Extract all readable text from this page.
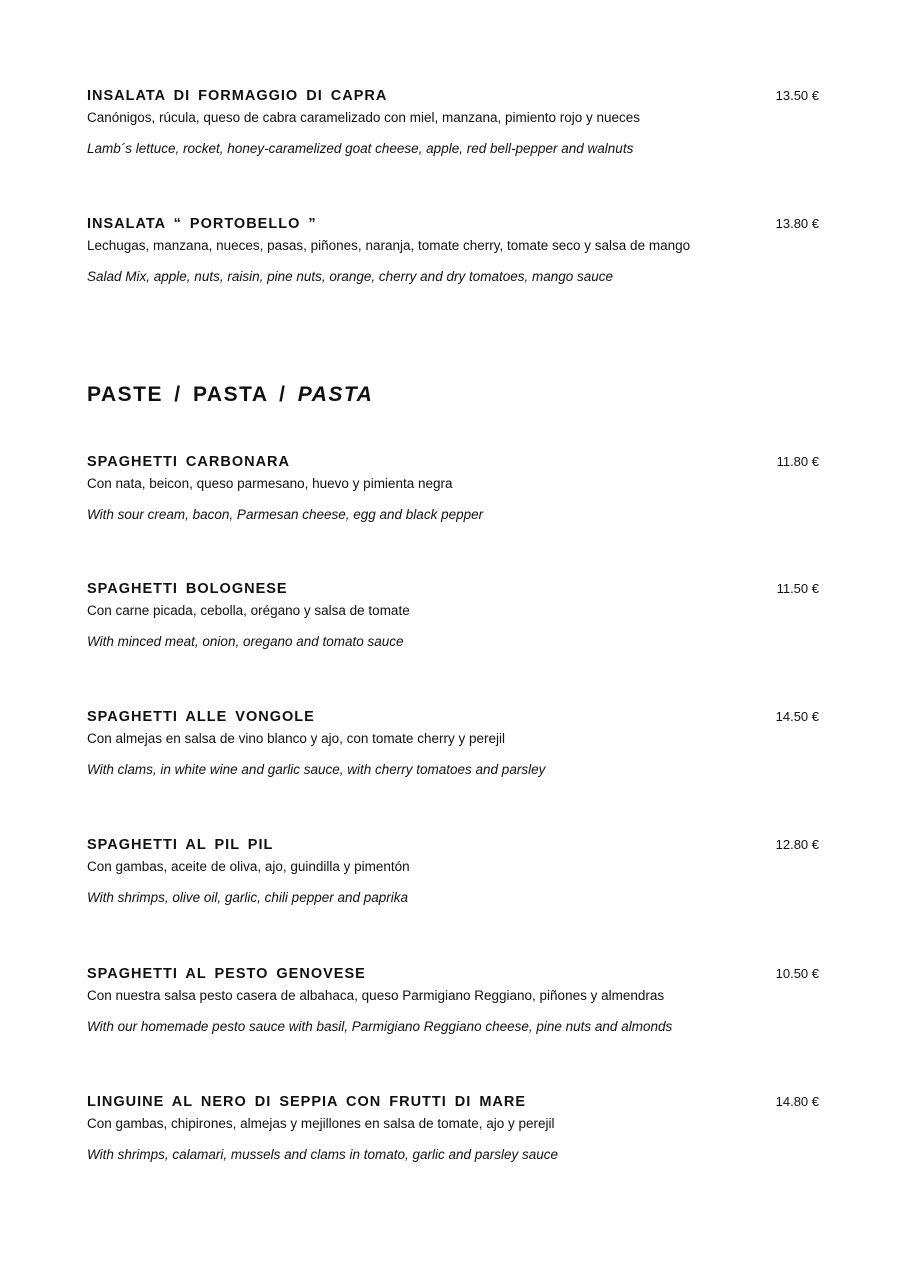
INSALATA DI FORMAGGIO DI CAPRA	13.50 €
Canónigos, rúcula, queso de cabra caramelizado con miel, manzana, pimiento rojo y nueces
Lamb´s lettuce, rocket, honey-caramelized goat cheese, apple, red bell-pepper and walnuts
INSALATA “ PORTOBELLO ”	13.80 €
Lechugas, manzana, nueces, pasas, piñones, naranja, tomate cherry, tomate seco y salsa de mango
Salad Mix, apple, nuts, raisin, pine nuts, orange, cherry and dry tomatoes, mango sauce
PASTE / PASTA / PASTA
SPAGHETTI CARBONARA	11.80 €
Con nata, beicon, queso parmesano, huevo y pimienta negra
With sour cream, bacon, Parmesan cheese, egg and black pepper
SPAGHETTI BOLOGNESE	11.50 €
Con carne picada, cebolla, orégano y salsa de tomate
With minced meat, onion, oregano and tomato sauce
SPAGHETTI ALLE VONGOLE	14.50 €
Con almejas en salsa de vino blanco y ajo, con tomate cherry y perejil
With clams, in white wine and garlic sauce, with cherry tomatoes and parsley
SPAGHETTI AL PIL PIL	12.80 €
Con gambas, aceite de oliva, ajo, guindilla y pimentón
With shrimps, olive oil, garlic, chili pepper and paprika
SPAGHETTI AL PESTO GENOVESE	10.50 €
Con nuestra salsa pesto casera de albahaca, queso Parmigiano Reggiano, piñones y almendras
With our homemade pesto sauce with basil, Parmigiano Reggiano cheese, pine nuts and almonds
LINGUINE AL NERO DI SEPPIA CON FRUTTI DI MARE	14.80 €
Con gambas, chipirones, almejas y mejillones en salsa de tomate, ajo y perejil
With shrimps, calamari, mussels and clams in tomato, garlic and parsley sauce
